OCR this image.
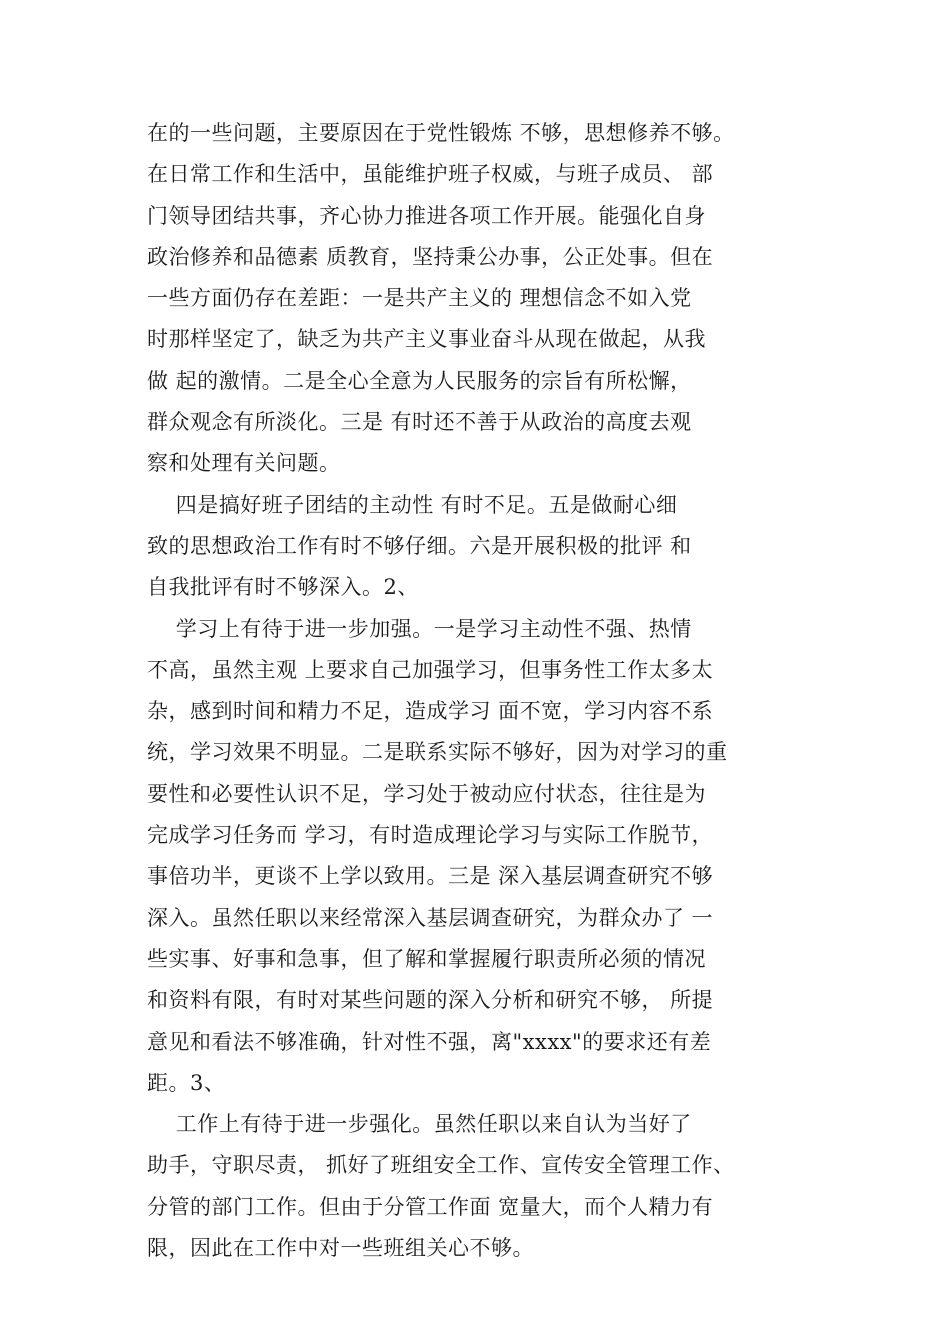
在的一些问题，主要原因在于党性锻炼 不够，思想修养不够。
在日常工作和生活中，虽能维护班子权威，与班子成员、 部
门领导团结共事，齐心协力推进各项工作开展。能强化自身
政治修养和品德素 质教育，坚持秉公办事，公正处事。但在
一些方面仍存在差距：一是共产主义的 理想信念不如入党
时那样坚定了，缺乏为共产主义事业奋斗从现在做起，从我
做 起的激情。二是全心全意为人民服务的宗旨有所松懈，
群众观念有所淡化。三是 有时还不善于从政治的高度去观
察和处理有关问题。
四是搞好班子团结的主动性 有时不足。五是做耐心细
致的思想政治工作有时不够仔细。六是开展积极的批评 和
自我批评有时不够深入。2、
学习上有待于进一步加强。一是学习主动性不强、热情
不高，虽然主观 上要求自己加强学习，但事务性工作太多太
杂，感到时间和精力不足，造成学习 面不宽，学习内容不系
统，学习效果不明显。二是联系实际不够好，因为对学习的重
要性和必要性认识不足，学习处于被动应付状态，往往是为
完成学习任务而 学习，有时造成理论学习与实际工作脱节，
事倍功半，更谈不上学以致用。三是 深入基层调查研究不够
深入。虽然任职以来经常深入基层调查研究，为群众办了 一
些实事、好事和急事，但了解和掌握履行职责所必须的情况
和资料有限，有时对某些问题的深入分析和研究不够， 所提
意见和看法不够准确，针对性不强，离"xxxx"的要求还有差
距。3、
工作上有待于进一步强化。虽然任职以来自认为当好了
助手，守职尽责， 抓好了班组安全工作、宣传安全管理工作、
分管的部门工作。但由于分管工作面 宽量大，而个人精力有
限，因此在工作中对一些班组关心不够。
